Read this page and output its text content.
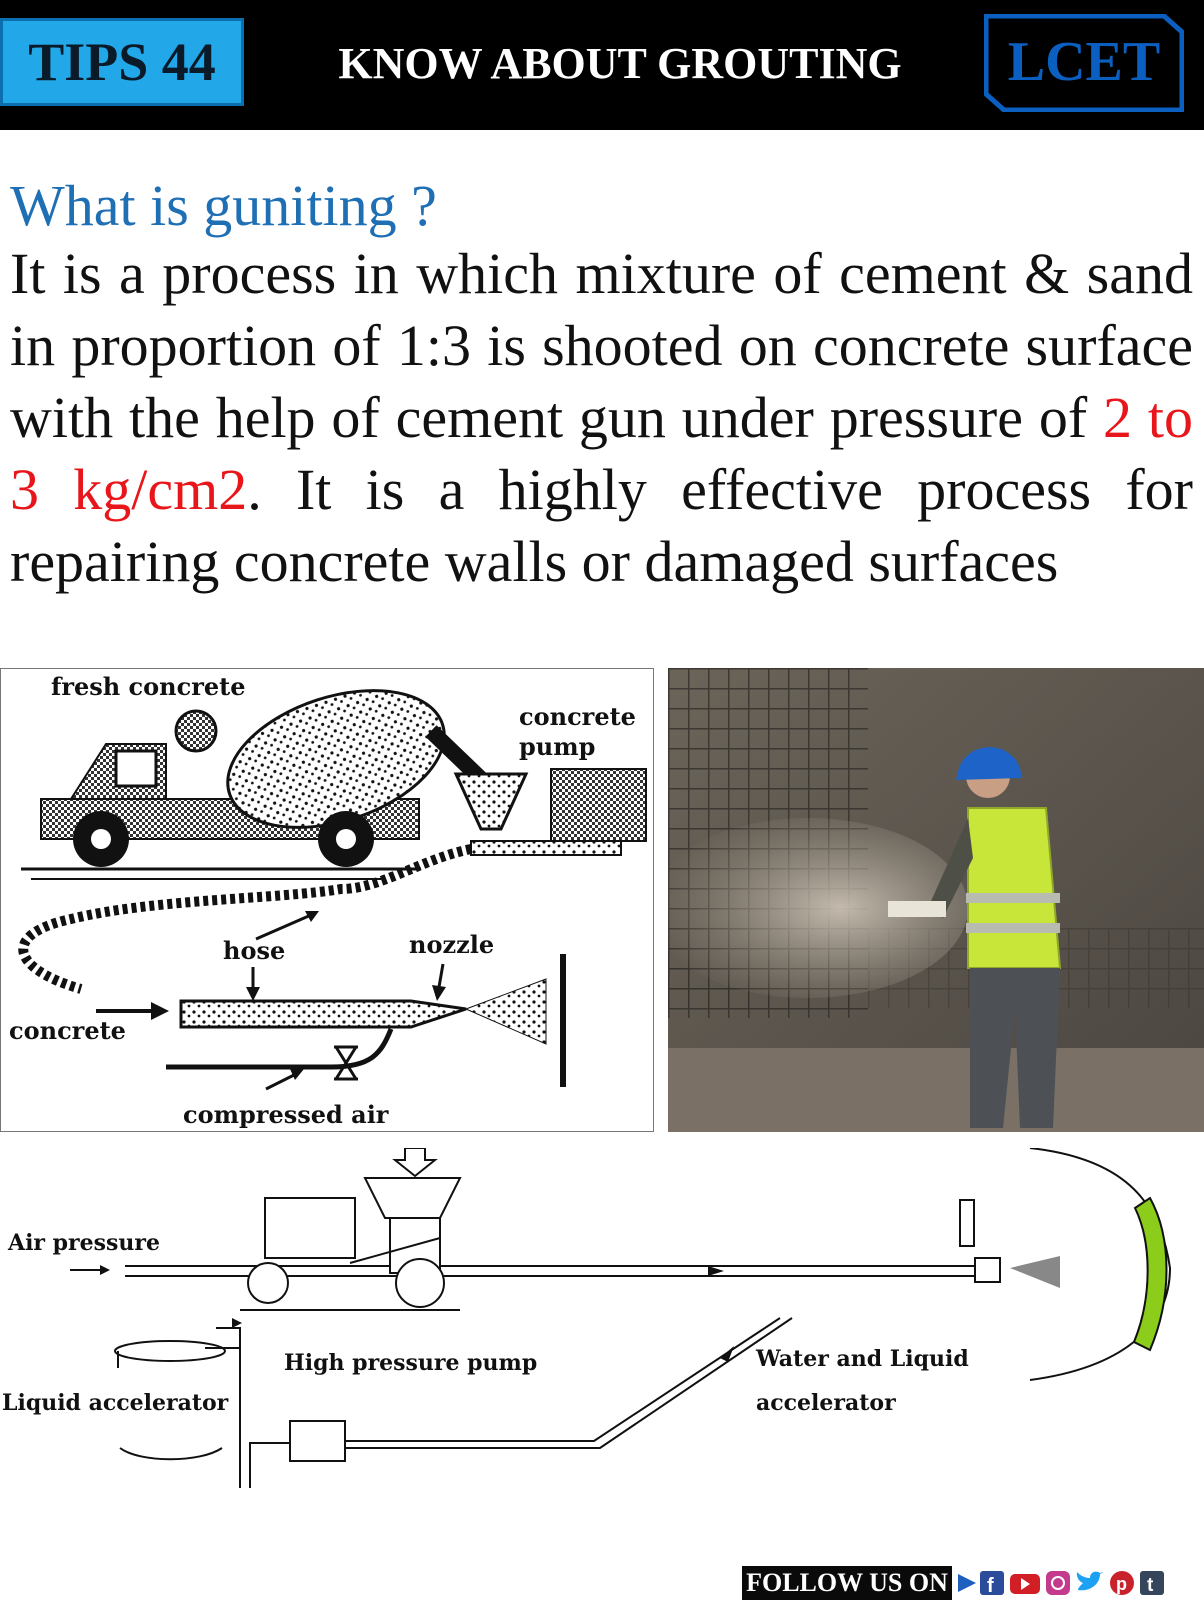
TIPS 44	KNOW ABOUT GROUTING	LCET
What is guniting ?
It is a process in which mixture of cement & sand in proportion of 1:3 is shooted on concrete surface with the help of cement gun under pressure of 2 to 3 kg/cm2. It is a highly effective process for repairing concrete walls or damaged surfaces
fresh concrete
concrete
pump
hose	nozzle
concrete
compressed air
Air pressure
High pressure pump
Liquid accelerator
Water and Liquid
accelerator
FOLLOW US ON f	p t
